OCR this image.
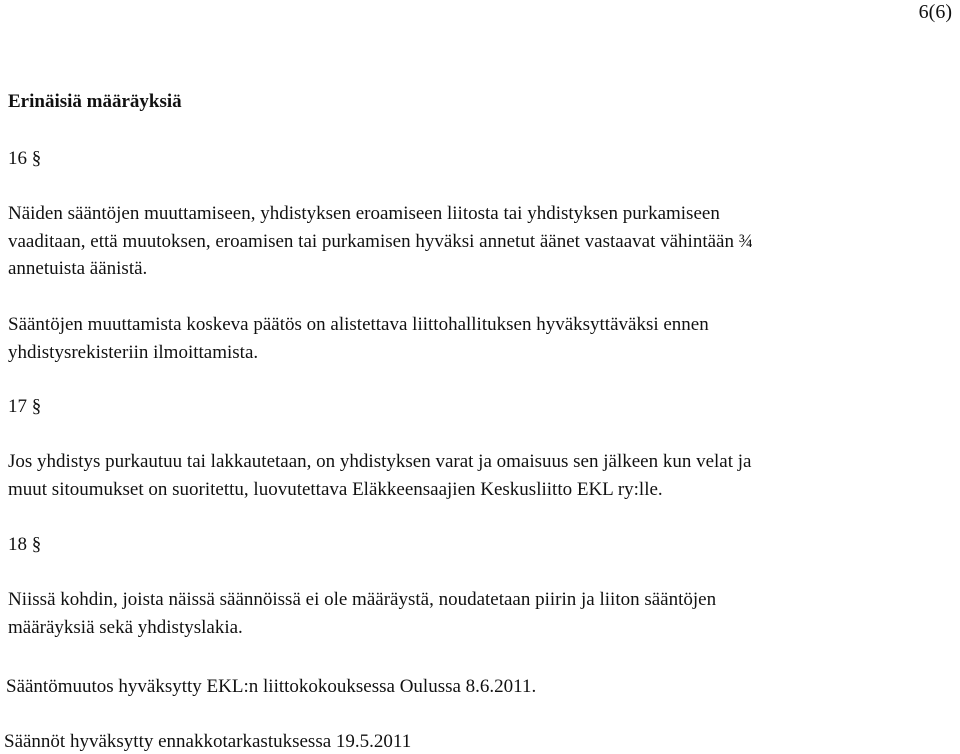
6(6)
Erinäisiä määräyksiä
16 §
Näiden sääntöjen muuttamiseen, yhdistyksen eroamiseen liitosta tai yhdistyksen purkamiseen
vaaditaan, että muutoksen, eroamisen tai purkamisen hyväksi annetut äänet vastaavat vähintään ¾
annetuista äänistä.
Sääntöjen muuttamista koskeva päätös on alistettava liittohallituksen hyväksyttäväksi ennen
yhdistysrekisteriin ilmoittamista.
17 §
Jos yhdistys purkautuu tai lakkautetaan, on yhdistyksen varat ja omaisuus sen jälkeen kun velat ja
muut sitoumukset on suoritettu, luovutettava Eläkkeensaajien Keskusliitto EKL ry:lle.
18 §
Niissä kohdin, joista näissä säännöissä ei ole määräystä, noudatetaan piirin ja liiton sääntöjen
määräyksiä sekä yhdistyslakia.
Sääntömuutos hyväksytty EKL:n liittokokouksessa Oulussa 8.6.2011.
Säännöt hyväksytty ennakkotarkastuksessa 19.5.2011
